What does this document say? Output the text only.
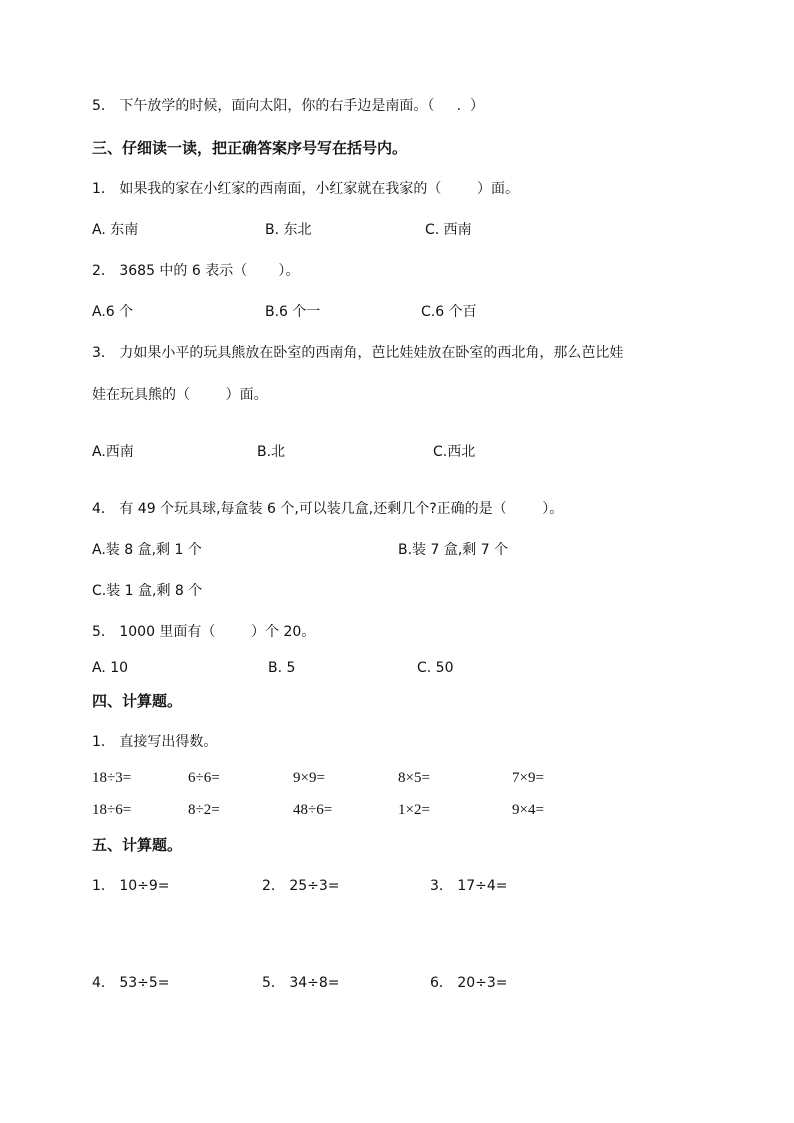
5． 下午放学的时候，面向太阳，你的右手边是南面。（     .  ）
三、仔细读一读，把正确答案序号写在括号内。
1． 如果我的家在小红家的西南面，小红家就在我家的（	）面。
A. 东南	B. 东北	C. 西南
2． 3685 中的 6 表示（ ）。
A.6 个	B.6 个一	C.6 个百
3． 力如果小平的玩具熊放在卧室的西南角，芭比娃娃放在卧室的西北角，那么芭比娃
娃在玩具熊的（	）面。
A.西南	B.北	C.西北
4． 有 49 个玩具球,每盒装 6 个,可以装几盒,还剩几个?正确的是（	）。
A.装 8 盒,剩 1 个	B.装 7 盒,剩 7 个
C.装 1 盒,剩 8 个
5． 1000 里面有（	）个 20。
A. 10	B. 5	C. 50
四、计算题。
1． 直接写出得数。
18÷3=	6÷6=	9×9=	8×5=	7×9=
18÷6=	8÷2=	48÷6=	1×2=	9×4=
五、计算题。
1． 10÷9=	2． 25÷3=	3． 17÷4=
4． 53÷5=	5． 34÷8=	6． 20÷3=
